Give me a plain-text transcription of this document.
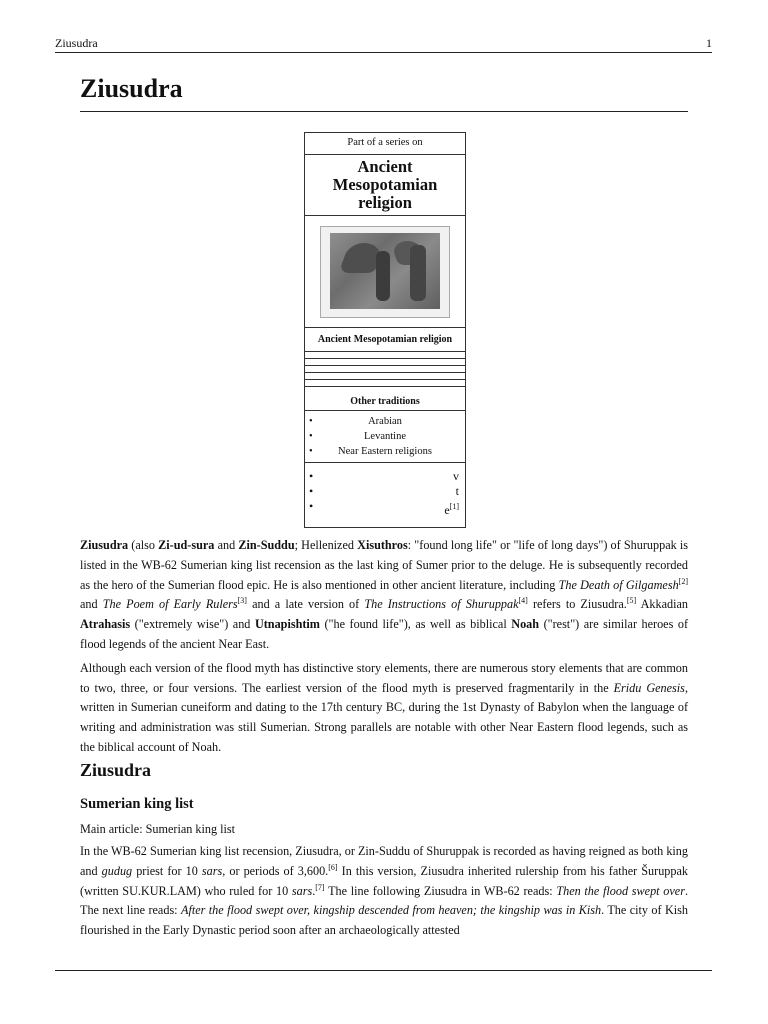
Ziusudra	1
Ziusudra
Part of a series on
Ancient Mesopotamian religion
Ancient Mesopotamian religion
Other traditions
•	Arabian
•	Levantine
• Near Eastern religions
•	v
•	t
•	e[1]

Ziusudra (also Zi-ud-sura and Zin-Suddu; Hellenized Xisuthros: "found long life" or "life of long days") of Shuruppak is listed in the WB-62 Sumerian king list recension as the last king of Sumer prior to the deluge. He is subsequently recorded as the hero of the Sumerian flood epic. He is also mentioned in other ancient literature, including The Death of Gilgamesh[2] and The Poem of Early Rulers[3] and a late version of The Instructions of Shuruppak[4] refers to Ziusudra.[5] Akkadian Atrahasis ("extremely wise") and Utnapishtim ("he found life"), as well as biblical Noah ("rest") are similar heroes of flood legends of the ancient Near East.

Although each version of the flood myth has distinctive story elements, there are numerous story elements that are common to two, three, or four versions. The earliest version of the flood myth is preserved fragmentarily in the Eridu Genesis, written in Sumerian cuneiform and dating to the 17th century BC, during the 1st Dynasty of Babylon when the language of writing and administration was still Sumerian. Strong parallels are notable with other Near Eastern flood legends, such as the biblical account of Noah.

Ziusudra
Sumerian king list
Main article: Sumerian king list

In the WB-62 Sumerian king list recension, Ziusudra, or Zin-Suddu of Shuruppak is recorded as having reigned as both king and gudug priest for 10 sars, or periods of 3,600.[6] In this version, Ziusudra inherited rulership from his father Šuruppak (written SU.KUR.LAM) who ruled for 10 sars.[7] The line following Ziusudra in WB-62 reads: Then the flood swept over. The next line reads: After the flood swept over, kingship descended from heaven; the kingship was in Kish. The city of Kish flourished in the Early Dynastic period soon after an archaeologically attested
